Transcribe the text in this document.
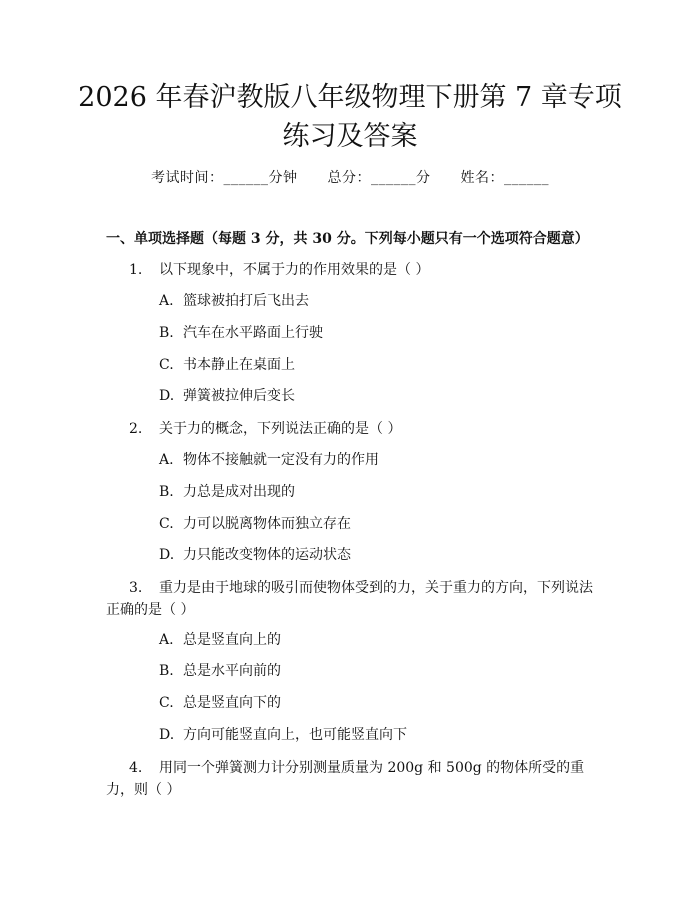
2026 年春沪教版八年级物理下册第 7 章专项
练习及答案
考试时间：______分钟 总分：______分 姓名：______
一、单项选择题（每题 3 分，共 30 分。下列每小题只有一个选项符合题意）
1. 以下现象中，不属于力的作用效果的是（ ）
A. 篮球被拍打后飞出去
B. 汽车在水平路面上行驶
C. 书本静止在桌面上
D. 弹簧被拉伸后变长
2. 关于力的概念，下列说法正确的是（ ）
A. 物体不接触就一定没有力的作用
B. 力总是成对出现的
C. 力可以脱离物体而独立存在
D. 力只能改变物体的运动状态
3. 重力是由于地球的吸引而使物体受到的力，关于重力的方向，下列说法正确的是（ ）
A. 总是竖直向上的
B. 总是水平向前的
C. 总是竖直向下的
D. 方向可能竖直向上，也可能竖直向下
4. 用同一个弹簧测力计分别测量质量为 200g 和 500g 的物体所受的重力，则（ ）
